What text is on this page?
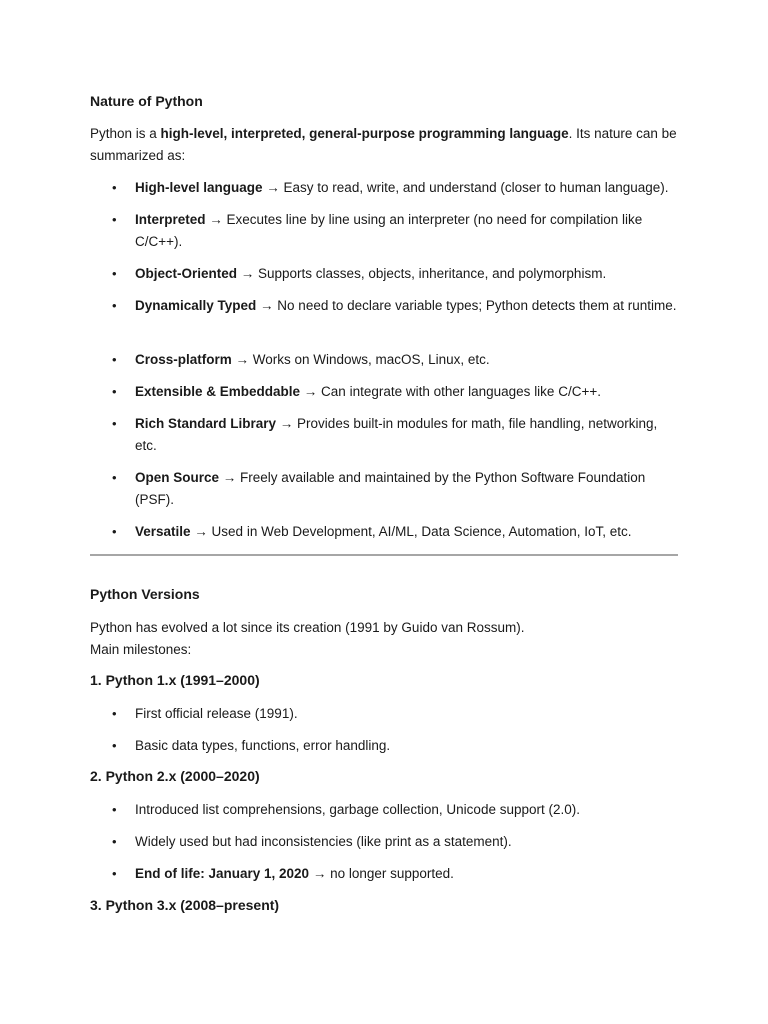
Nature of Python
Python is a high-level, interpreted, general-purpose programming language. Its nature can be summarized as:
• High-level language → Easy to read, write, and understand (closer to human language).
• Interpreted → Executes line by line using an interpreter (no need for compilation like C/C++).
• Object-Oriented → Supports classes, objects, inheritance, and polymorphism.
• Dynamically Typed → No need to declare variable types; Python detects them at runtime.
• Cross-platform → Works on Windows, macOS, Linux, etc.
• Extensible & Embeddable → Can integrate with other languages like C/C++.
• Rich Standard Library → Provides built-in modules for math, file handling, networking, etc.
• Open Source → Freely available and maintained by the Python Software Foundation (PSF).
• Versatile → Used in Web Development, AI/ML, Data Science, Automation, IoT, etc.
Python Versions
Python has evolved a lot since its creation (1991 by Guido van Rossum).
Main milestones:
1. Python 1.x (1991–2000)
• First official release (1991).
• Basic data types, functions, error handling.
2. Python 2.x (2000–2020)
• Introduced list comprehensions, garbage collection, Unicode support (2.0).
• Widely used but had inconsistencies (like print as a statement).
• End of life: January 1, 2020 → no longer supported.
3. Python 3.x (2008–present)
